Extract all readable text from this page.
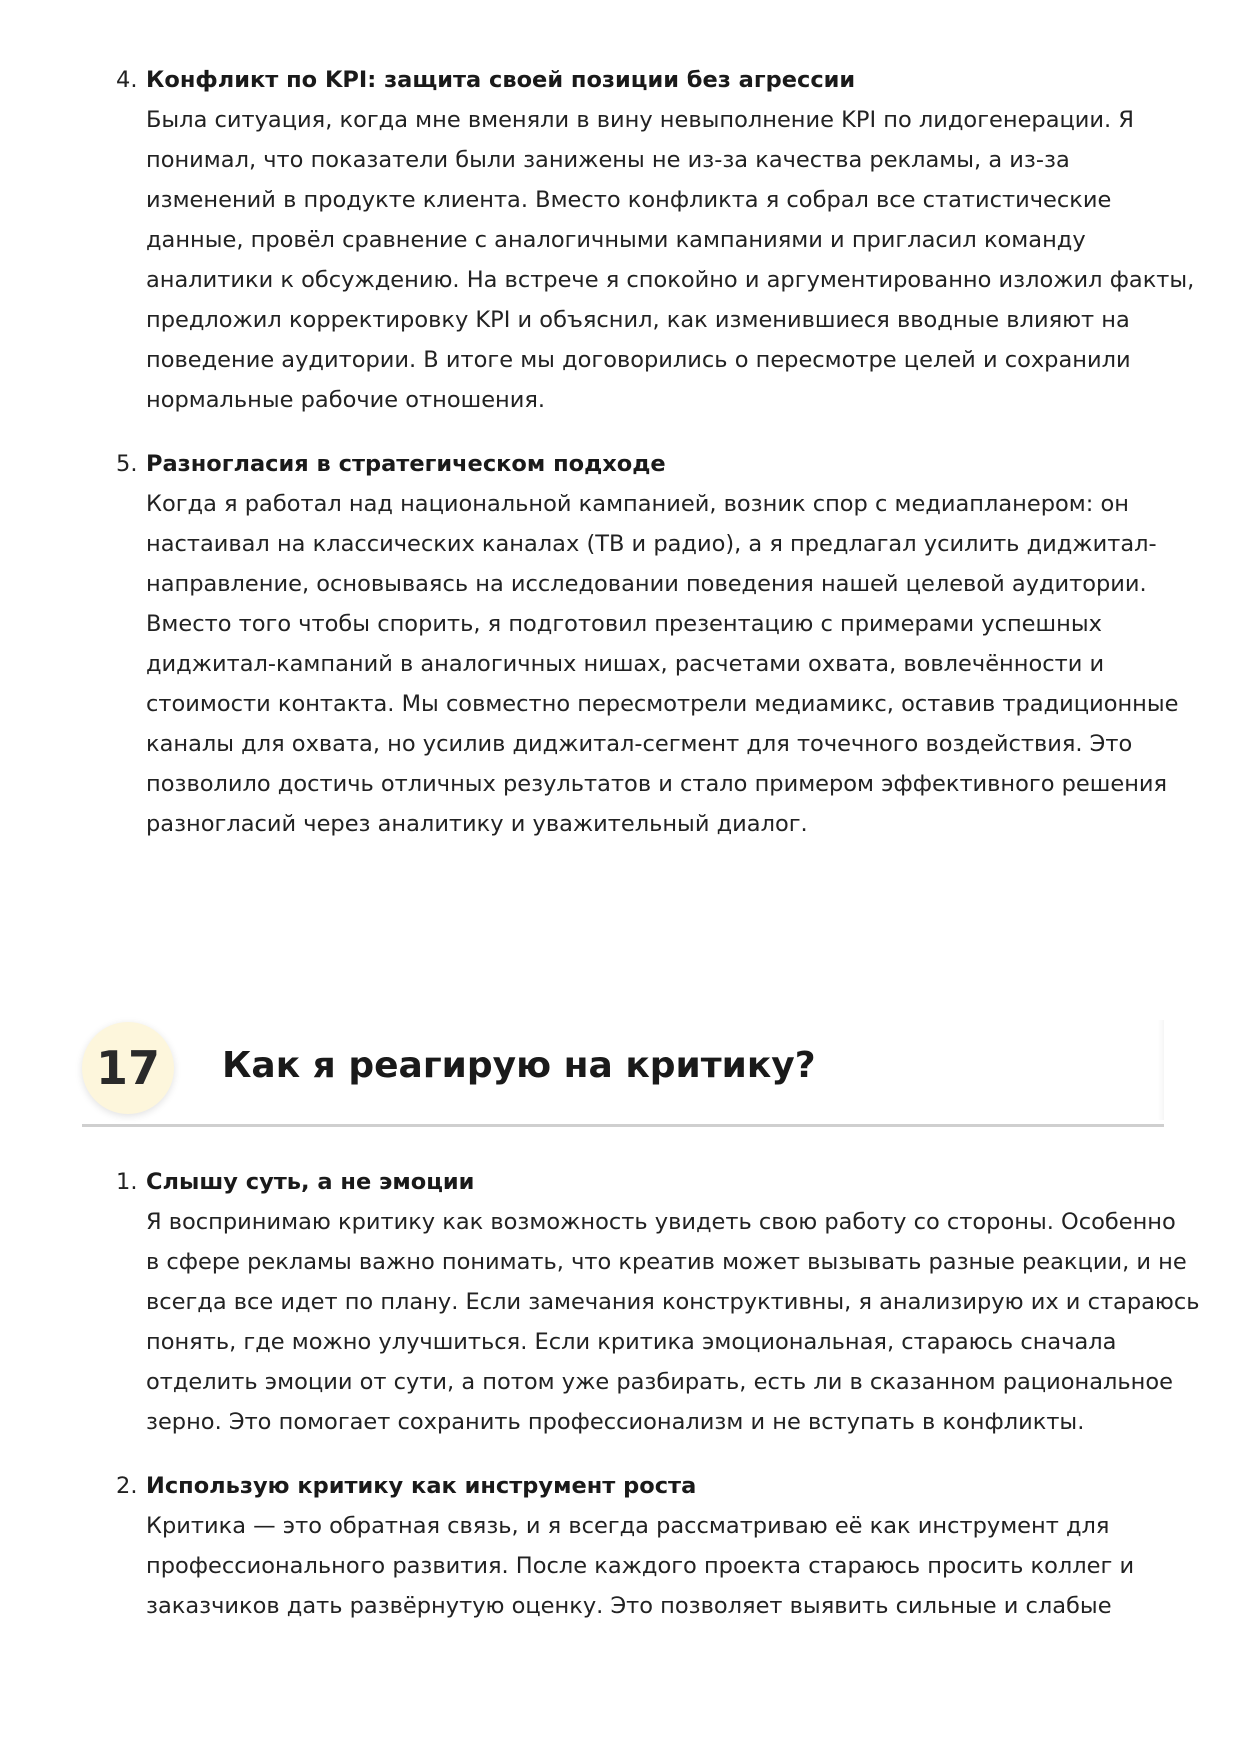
4. Конфликт по KPI: защита своей позиции без агрессии
Была ситуация, когда мне вменяли в вину невыполнение KPI по лидогенерации. Я
понимал, что показатели были занижены не из-за качества рекламы, а из-за
изменений в продукте клиента. Вместо конфликта я собрал все статистические
данные, провёл сравнение с аналогичными кампаниями и пригласил команду
аналитики к обсуждению. На встрече я спокойно и аргументированно изложил факты,
предложил корректировку KPI и объяснил, как изменившиеся вводные влияют на
поведение аудитории. В итоге мы договорились о пересмотре целей и сохранили
нормальные рабочие отношения.
5. Разногласия в стратегическом подходе
Когда я работал над национальной кампанией, возник спор с медиапланером: он
настаивал на классических каналах (ТВ и радио), а я предлагал усилить диджитал-
направление, основываясь на исследовании поведения нашей целевой аудитории.
Вместо того чтобы спорить, я подготовил презентацию с примерами успешных
диджитал-кампаний в аналогичных нишах, расчетами охвата, вовлечённости и
стоимости контакта. Мы совместно пересмотрели медиамикс, оставив традиционные
каналы для охвата, но усилив диджитал-сегмент для точечного воздействия. Это
позволило достичь отличных результатов и стало примером эффективного решения
разногласий через аналитику и уважительный диалог.
17	Как я реагирую на критику?
1. Слышу суть, а не эмоции
Я воспринимаю критику как возможность увидеть свою работу со стороны. Особенно
в сфере рекламы важно понимать, что креатив может вызывать разные реакции, и не
всегда все идет по плану. Если замечания конструктивны, я анализирую их и стараюсь
понять, где можно улучшиться. Если критика эмоциональная, стараюсь сначала
отделить эмоции от сути, а потом уже разбирать, есть ли в сказанном рациональное
зерно. Это помогает сохранить профессионализм и не вступать в конфликты.
2. Использую критику как инструмент роста
Критика — это обратная связь, и я всегда рассматриваю её как инструмент для
профессионального развития. После каждого проекта стараюсь просить коллег и
заказчиков дать развёрнутую оценку. Это позволяет выявить сильные и слабые
